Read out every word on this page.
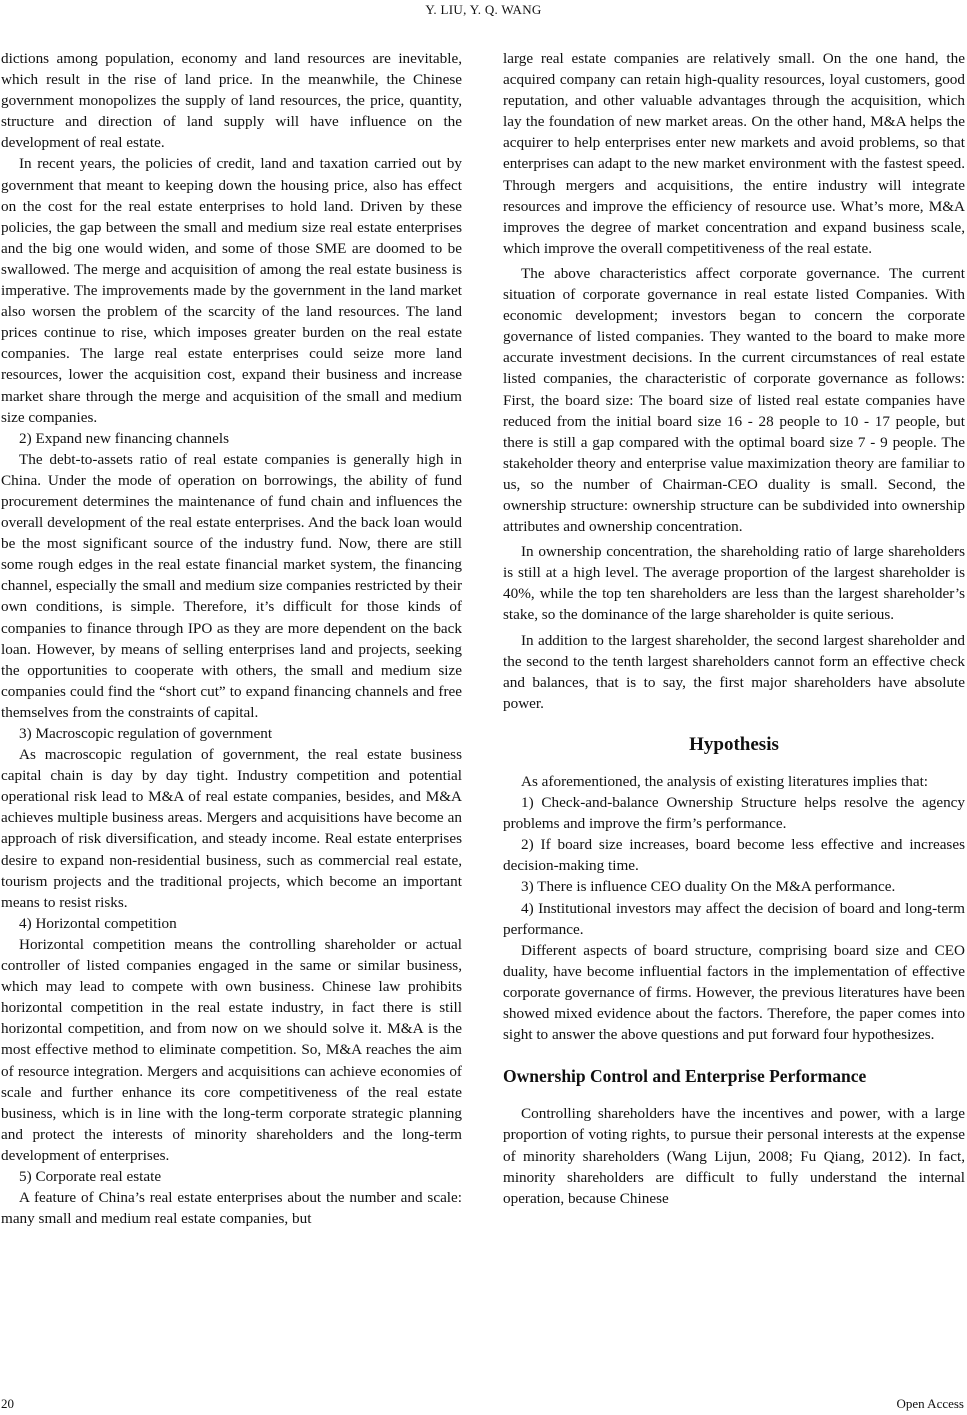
Y. LIU, Y. Q. WANG

dictions among population, economy and land resources are inevitable, which result in the rise of land price. In the meanwhile, the Chinese government monopolizes the supply of land resources, the price, quantity, structure and direction of land supply will have influence on the development of real estate.

In recent years, the policies of credit, land and taxation carried out by government that meant to keeping down the housing price, also has effect on the cost for the real estate enterprises to hold land. Driven by these policies, the gap between the small and medium size real estate enterprises and the big one would widen, and some of those SME are doomed to be swallowed. The merge and acquisition of among the real estate business is imperative. The improvements made by the government in the land market also worsen the problem of the scarcity of the land resources. The land prices continue to rise, which imposes greater burden on the real estate companies. The large real estate enterprises could seize more land resources, lower the acquisition cost, expand their business and increase market share through the merge and acquisition of the small and medium size companies.

2) Expand new financing channels

The debt-to-assets ratio of real estate companies is generally high in China. Under the mode of operation on borrowings, the ability of fund procurement determines the maintenance of fund chain and influences the overall development of the real estate enterprises. And the back loan would be the most significant source of the industry fund. Now, there are still some rough edges in the real estate financial market system, the financing channel, especially the small and medium size companies restricted by their own conditions, is simple. Therefore, it’s difficult for those kinds of companies to finance through IPO as they are more dependent on the back loan. However, by means of selling enterprises land and projects, seeking the opportunities to cooperate with others, the small and medium size companies could find the “short cut” to expand financing channels and free themselves from the constraints of capital.

3) Macroscopic regulation of government

As macroscopic regulation of government, the real estate business capital chain is day by day tight. Industry competition and potential operational risk lead to M&A of real estate companies, besides, and M&A achieves multiple business areas. Mergers and acquisitions have become an approach of risk diversification, and steady income. Real estate enterprises desire to expand non-residential business, such as commercial real estate, tourism projects and the traditional projects, which become an important means to resist risks.

4) Horizontal competition

Horizontal competition means the controlling shareholder or actual controller of listed companies engaged in the same or similar business, which may lead to compete with own business. Chinese law prohibits horizontal competition in the real estate industry, in fact there is still horizontal competition, and from now on we should solve it. M&A is the most effective method to eliminate competition. So, M&A reaches the aim of resource integration. Mergers and acquisitions can achieve economies of scale and further enhance its core competitiveness of the real estate business, which is in line with the long-term corporate strategic planning and protect the interests of minority shareholders and the long-term development of enterprises.

5) Corporate real estate

A feature of China’s real estate enterprises about the number and scale: many small and medium real estate companies, but

large real estate companies are relatively small. On the one hand, the acquired company can retain high-quality resources, loyal customers, good reputation, and other valuable advantages through the acquisition, which lay the foundation of new market areas. On the other hand, M&A helps the acquirer to help enterprises enter new markets and avoid problems, so that enterprises can adapt to the new market environment with the fastest speed. Through mergers and acquisitions, the entire industry will integrate resources and improve the efficiency of resource use. What’s more, M&A improves the degree of market concentration and expand business scale, which improve the overall competitiveness of the real estate.

The above characteristics affect corporate governance. The current situation of corporate governance in real estate listed Companies. With economic development; investors began to concern the corporate governance of listed companies. They wanted to the board to make more accurate investment decisions. In the current circumstances of real estate listed companies, the characteristic of corporate governance as follows: First, the board size: The board size of listed real estate companies have reduced from the initial board size 16 - 28 people to 10 - 17 people, but there is still a gap compared with the optimal board size 7 - 9 people. The stakeholder theory and enterprise value maximization theory are familiar to us, so the number of Chairman-CEO duality is small. Second, the ownership structure: ownership structure can be subdivided into ownership attributes and ownership concentration.

In ownership concentration, the shareholding ratio of large shareholders is still at a high level. The average proportion of the largest shareholder is 40%, while the top ten shareholders are less than the largest shareholder’s stake, so the dominance of the large shareholder is quite serious.

In addition to the largest shareholder, the second largest shareholder and the second to the tenth largest shareholders cannot form an effective check and balances, that is to say, the first major shareholders have absolute power.

Hypothesis

As aforementioned, the analysis of existing literatures implies that:

1) Check-and-balance Ownership Structure helps resolve the agency problems and improve the firm’s performance.

2) If board size increases, board become less effective and increases decision-making time.

3) There is influence CEO duality On the M&A performance.

4) Institutional investors may affect the decision of board and long-term performance.

Different aspects of board structure, comprising board size and CEO duality, have become influential factors in the implementation of effective corporate governance of firms. However, the previous literatures have been showed mixed evidence about the factors. Therefore, the paper comes into sight to answer the above questions and put forward four hypothesizes.

Ownership Control and Enterprise Performance

Controlling shareholders have the incentives and power, with a large proportion of voting rights, to pursue their personal interests at the expense of minority shareholders (Wang Lijun, 2008; Fu Qiang, 2012). In fact, minority shareholders are difficult to fully understand the internal operation, because Chinese

20	Open Access
